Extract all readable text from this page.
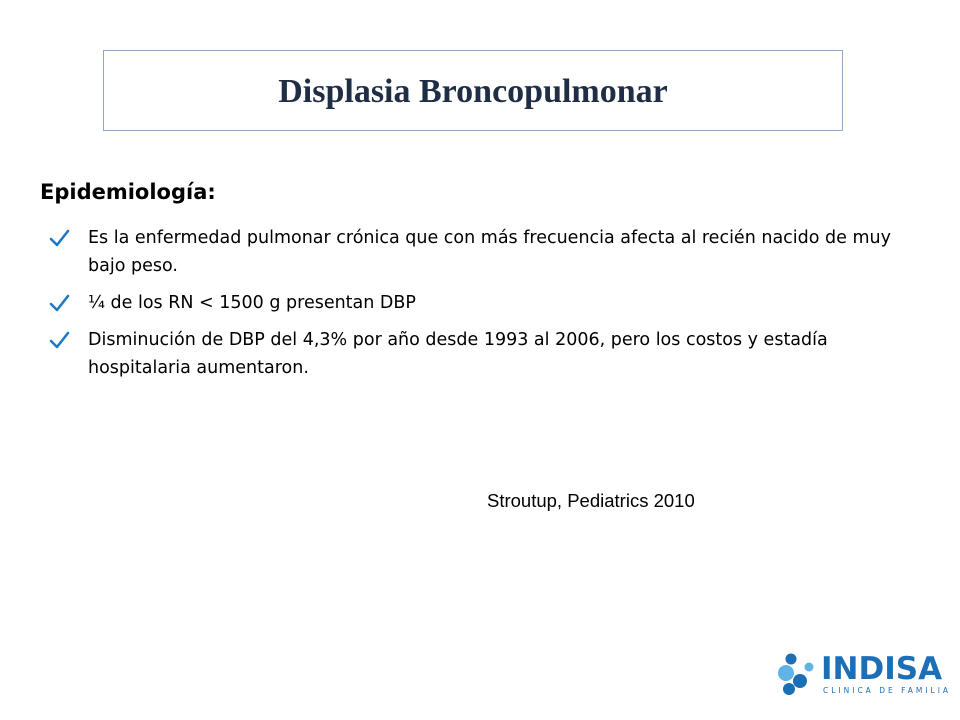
Displasia Broncopulmonar
Epidemiología:
Es la enfermedad pulmonar crónica que con más frecuencia afecta al recién nacido de muy bajo peso.
¼ de los RN < 1500 g presentan DBP
Disminución de DBP del 4,3% por año desde 1993 al 2006, pero los costos y estadía hospitalaria aumentaron.
Stroutup, Pediatrics 2010
INDISA
CLINICA DE FAMILIA
